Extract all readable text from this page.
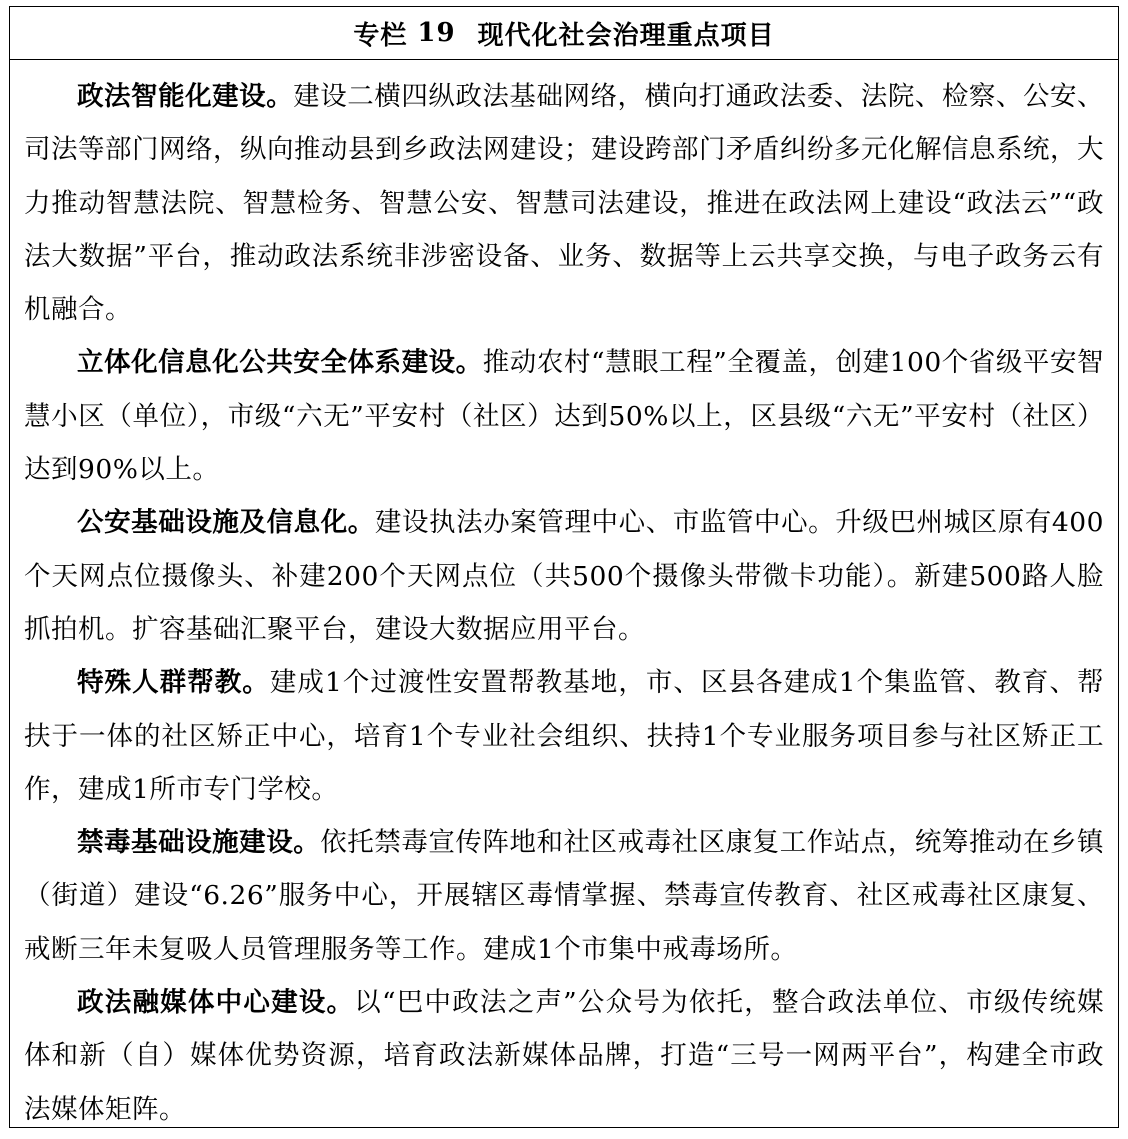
专栏 19 现代化社会治理重点项目

政法智能化建设。建设二横四纵政法基础网络，横向打通政法委、法院、检察、公安、司法等部门网络，纵向推动县到乡政法网建设；建设跨部门矛盾纠纷多元化解信息系统，大力推动智慧法院、智慧检务、智慧公安、智慧司法建设，推进在政法网上建设“政法云”“政法大数据”平台，推动政法系统非涉密设备、业务、数据等上云共享交换，与电子政务云有机融合。

立体化信息化公共安全体系建设。推动农村“慧眼工程”全覆盖，创建100个省级平安智慧小区（单位），市级“六无”平安村（社区）达到50%以上，区县级“六无”平安村（社区）达到90%以上。

公安基础设施及信息化。建设执法办案管理中心、市监管中心。升级巴州城区原有400个天网点位摄像头、补建200个天网点位（共500个摄像头带微卡功能）。新建500路人脸抓拍机。扩容基础汇聚平台，建设大数据应用平台。

特殊人群帮教。建成1个过渡性安置帮教基地，市、区县各建成1个集监管、教育、帮扶于一体的社区矫正中心，培育1个专业社会组织、扶持1个专业服务项目参与社区矫正工作，建成1所市专门学校。

禁毒基础设施建设。依托禁毒宣传阵地和社区戒毒社区康复工作站点，统筹推动在乡镇（街道）建设“6.26”服务中心，开展辖区毒情掌握、禁毒宣传教育、社区戒毒社区康复、戒断三年未复吸人员管理服务等工作。建成1个市集中戒毒场所。

政法融媒体中心建设。以“巴中政法之声”公众号为依托，整合政法单位、市级传统媒体和新（自）媒体优势资源，培育政法新媒体品牌，打造“三号一网两平台”，构建全市政法媒体矩阵。
